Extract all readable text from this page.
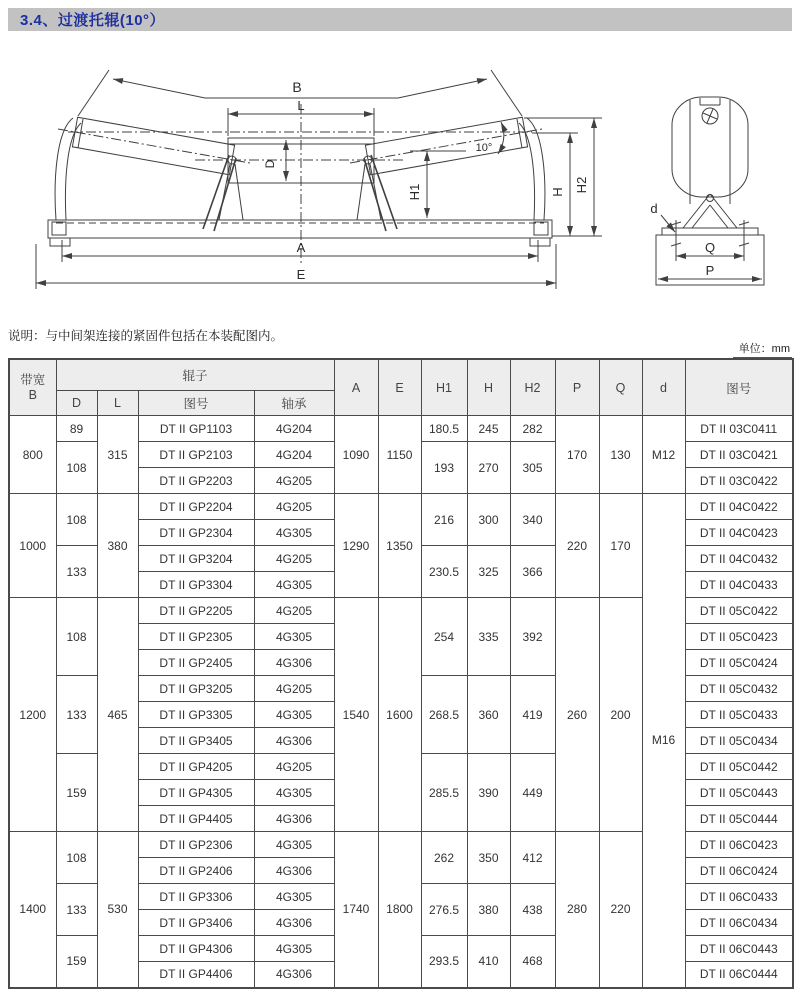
3.4、过渡托辊(10°）
B
L
D
10°
H1	H H2
A
E
d
Q
P
说明：与中间架连接的紧固件包括在本装配图内。
单位：mm
带宽
B	辊子				A	E	H1	H	H2	P	Q	d	图号
	D	L	图号	轴承									
800	89	315	DT II GP1103	4G204	1090	1150	180.5	245	282	170	130	M12	DT II 03C0411
	108		DT II GP2103	4G204			193	270	305				DT II 03C0421
			DT II GP2203	4G205									DT II 03C0422
1000	108	380	DT II GP2204	4G205	1290	1350	216	300	340	220	170	M16	DT II 04C0422
			DT II GP2304	4G305									DT II 04C0423
	133		DT II GP3204	4G205			230.5	325	366				DT II 04C0432
			DT II GP3304	4G305									DT II 04C0433
1200	108	465	DT II GP2205	4G205	1540	1600	254	335	392	260	200		DT II 05C0422
			DT II GP2305	4G305									DT II 05C0423
			DT II GP2405	4G306									DT II 05C0424
	133		DT II GP3205	4G205			268.5	360	419				DT II 05C0432
			DT II GP3305	4G305									DT II 05C0433
			DT II GP3405	4G306									DT II 05C0434
	159		DT II GP4205	4G205			285.5	390	449				DT II 05C0442
			DT II GP4305	4G305									DT II 05C0443
			DT II GP4405	4G306									DT II 05C0444
1400	108	530	DT II GP2306	4G305	1740	1800	262	350	412	280	220		DT II 06C0423
			DT II GP2406	4G306									DT II 06C0424
	133		DT II GP3306	4G305			276.5	380	438				DT II 06C0433
			DT II GP3406	4G306									DT II 06C0434
	159		DT II GP4306	4G305			293.5	410	468				DT II 06C0443
			DT II GP4406	4G306									DT II 06C0444
